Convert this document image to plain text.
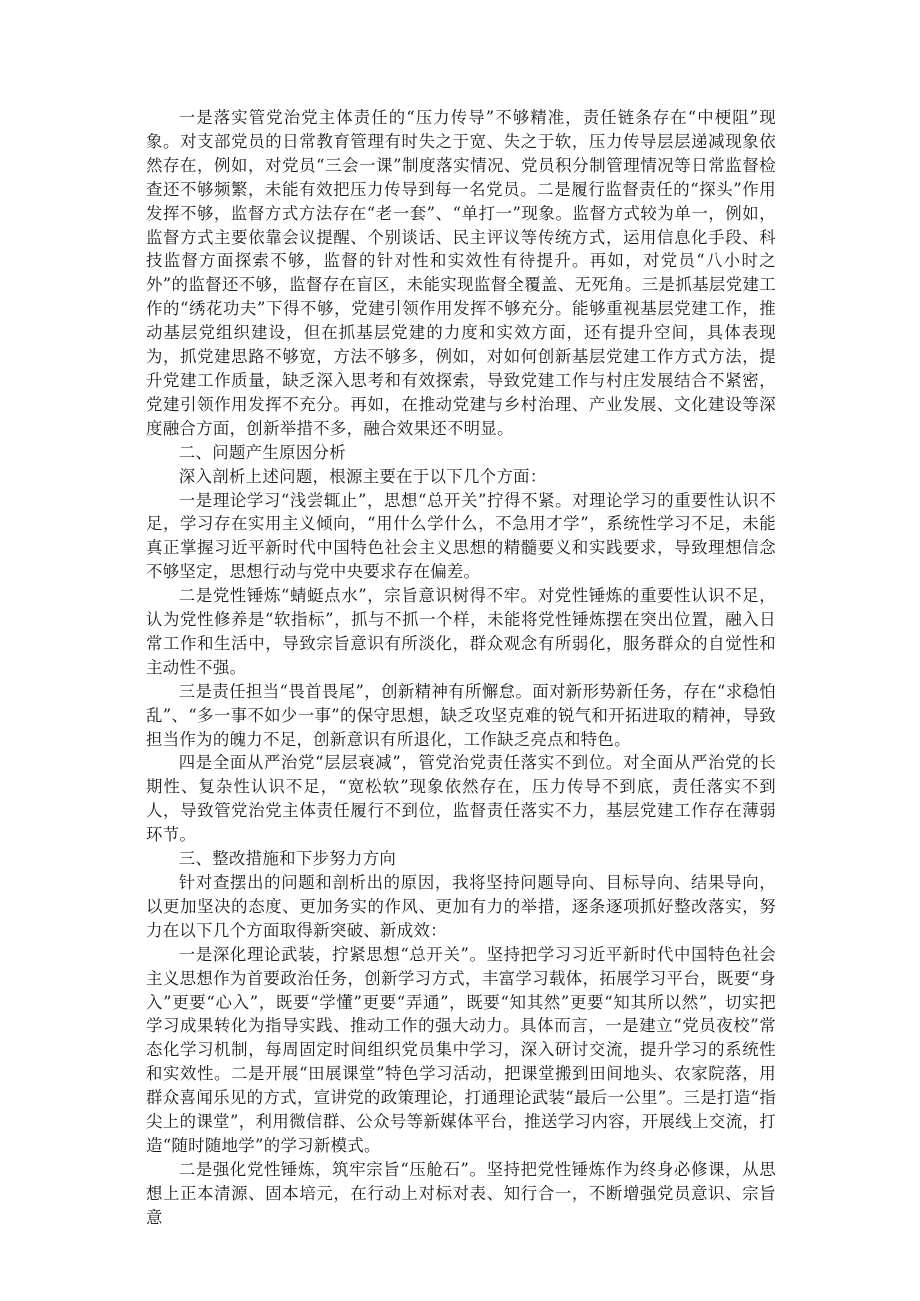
一是落实管党治党主体责任的“压力传导”不够精准，责任链条存在“中梗阻”现象。对支部党员的日常教育管理有时失之于宽、失之于软，压力传导层层递减现象依然存在，例如，对党员“三会一课”制度落实情况、党员积分制管理情况等日常监督检查还不够频繁，未能有效把压力传导到每一名党员。二是履行监督责任的“探头”作用发挥不够，监督方式方法存在“老一套”、“单打一”现象。监督方式较为单一，例如，监督方式主要依靠会议提醒、个别谈话、民主评议等传统方式，运用信息化手段、科技监督方面探索不够，监督的针对性和实效性有待提升。再如，对党员“八小时之外”的监督还不够，监督存在盲区，未能实现监督全覆盖、无死角。三是抓基层党建工作的“绣花功夫”下得不够，党建引领作用发挥不够充分。能够重视基层党建工作，推动基层党组织建设，但在抓基层党建的力度和实效方面，还有提升空间，具体表现为，抓党建思路不够宽，方法不够多，例如，对如何创新基层党建工作方式方法，提升党建工作质量，缺乏深入思考和有效探索，导致党建工作与村庄发展结合不紧密，党建引领作用发挥不充分。再如，在推动党建与乡村治理、产业发展、文化建设等深度融合方面，创新举措不多，融合效果还不明显。

二、问题产生原因分析

深入剖析上述问题，根源主要在于以下几个方面：

一是理论学习“浅尝辄止”，思想“总开关”拧得不紧。对理论学习的重要性认识不足，学习存在实用主义倾向，“用什么学什么，不急用才学”，系统性学习不足，未能真正掌握习近平新时代中国特色社会主义思想的精髓要义和实践要求，导致理想信念不够坚定，思想行动与党中央要求存在偏差。

二是党性锤炼“蜻蜓点水”，宗旨意识树得不牢。对党性锤炼的重要性认识不足，认为党性修养是“软指标”，抓与不抓一个样，未能将党性锤炼摆在突出位置，融入日常工作和生活中，导致宗旨意识有所淡化，群众观念有所弱化，服务群众的自觉性和主动性不强。

三是责任担当“畏首畏尾”，创新精神有所懈怠。面对新形势新任务，存在“求稳怕乱”、“多一事不如少一事”的保守思想，缺乏攻坚克难的锐气和开拓进取的精神，导致担当作为的魄力不足，创新意识有所退化，工作缺乏亮点和特色。

四是全面从严治党“层层衰减”，管党治党责任落实不到位。对全面从严治党的长期性、复杂性认识不足，“宽松软”现象依然存在，压力传导不到底，责任落实不到人，导致管党治党主体责任履行不到位，监督责任落实不力，基层党建工作存在薄弱环节。

三、整改措施和下步努力方向

针对查摆出的问题和剖析出的原因，我将坚持问题导向、目标导向、结果导向，以更加坚决的态度、更加务实的作风、更加有力的举措，逐条逐项抓好整改落实，努力在以下几个方面取得新突破、新成效：

一是深化理论武装，拧紧思想“总开关”。坚持把学习习近平新时代中国特色社会主义思想作为首要政治任务，创新学习方式，丰富学习载体，拓展学习平台，既要“身入”更要“心入”，既要“学懂”更要“弄通”，既要“知其然”更要“知其所以然”，切实把学习成果转化为指导实践、推动工作的强大动力。具体而言，一是建立“党员夜校”常态化学习机制，每周固定时间组织党员集中学习，深入研讨交流，提升学习的系统性和实效性。二是开展“田展课堂”特色学习活动，把课堂搬到田间地头、农家院落，用群众喜闻乐见的方式，宣讲党的政策理论，打通理论武装“最后一公里”。三是打造“指尖上的课堂”，利用微信群、公众号等新媒体平台，推送学习内容，开展线上交流，打造“随时随地学”的学习新模式。

二是强化党性锤炼，筑牢宗旨“压舱石”。坚持把党性锤炼作为终身必修课，从思想上正本清源、固本培元，在行动上对标对表、知行合一，不断增强党员意识、宗旨意
